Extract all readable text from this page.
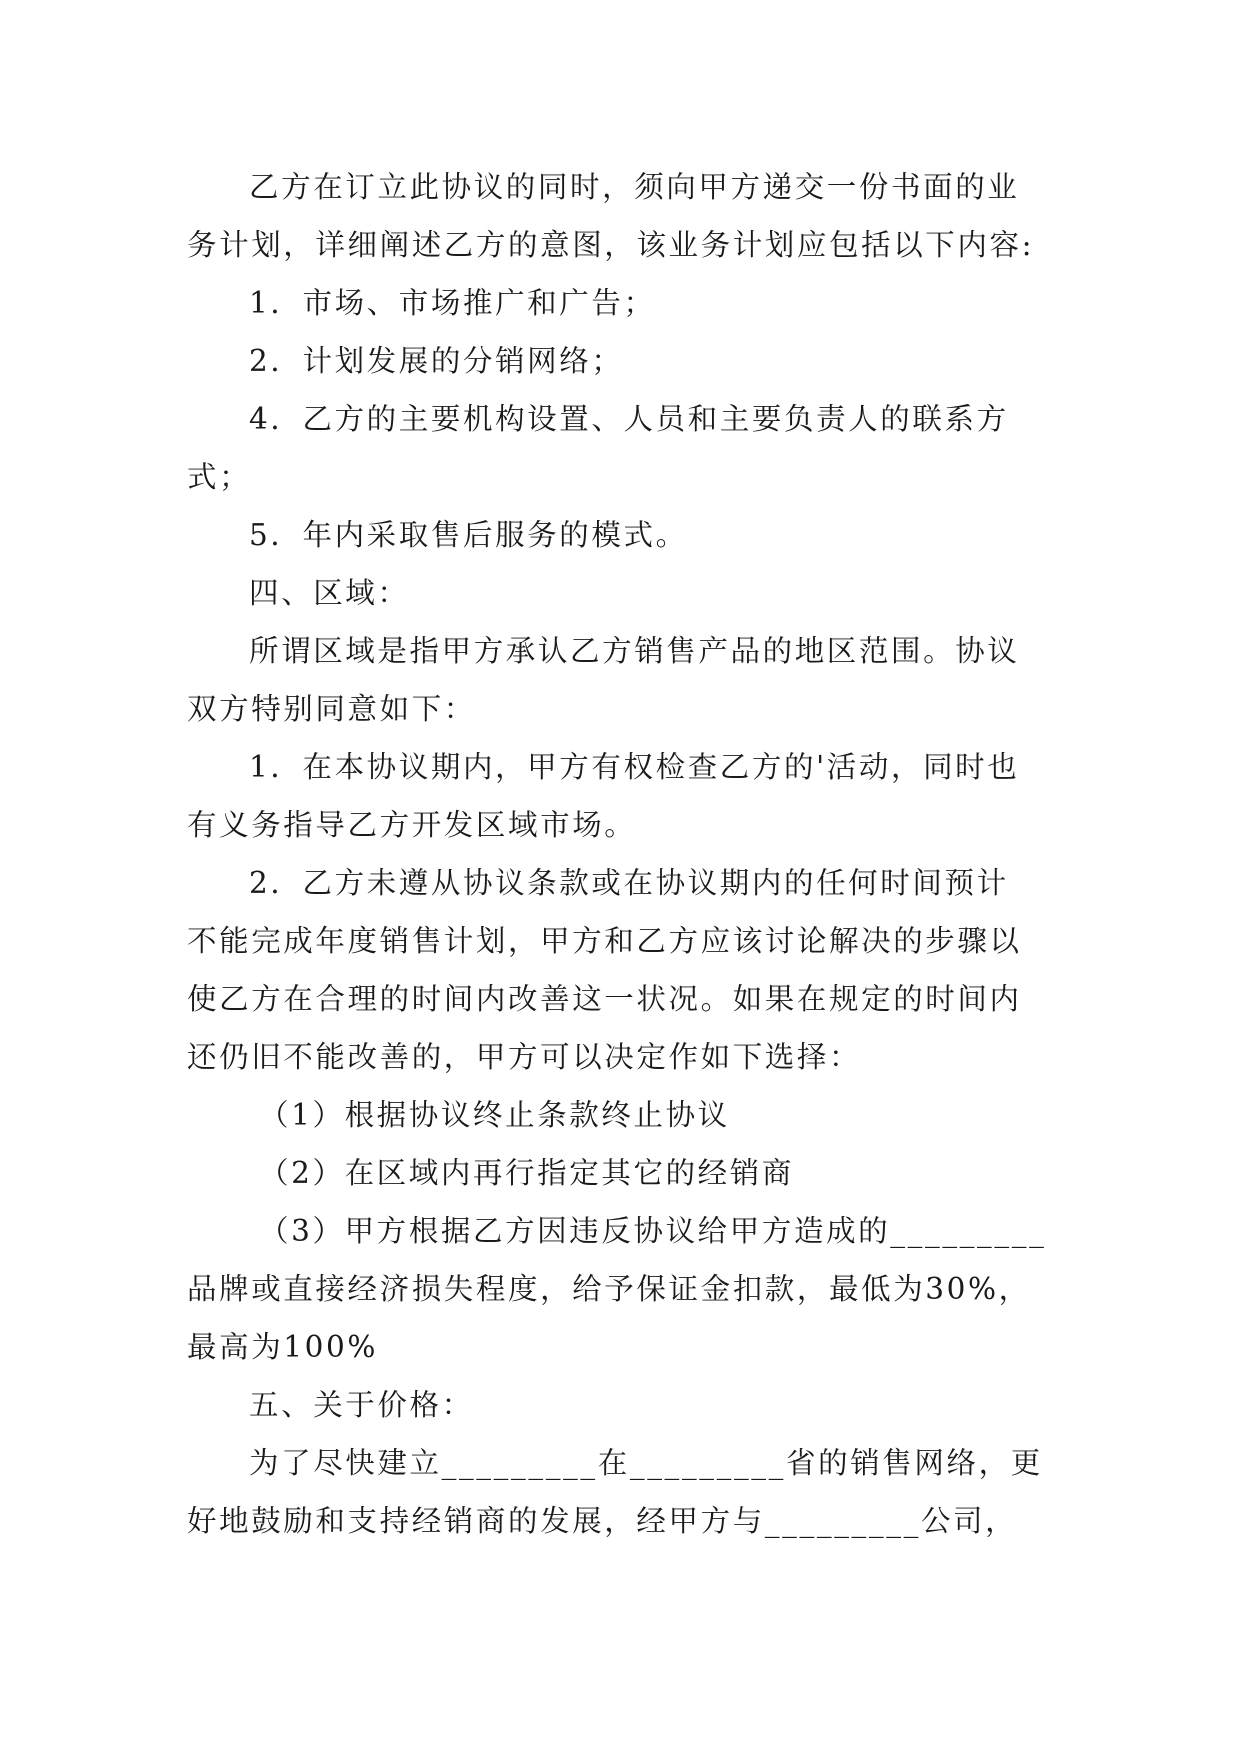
乙方在订立此协议的同时，须向甲方递交一份书面的业
务计划，详细阐述乙方的意图，该业务计划应包括以下内容:
1．市场、市场推广和广告；
2．计划发展的分销网络；
4．乙方的主要机构设置、人员和主要负责人的联系方
式；
5．年内采取售后服务的模式。
四、区域：
所谓区域是指甲方承认乙方销售产品的地区范围。协议
双方特别同意如下：
1．在本协议期内，甲方有权检查乙方的'活动，同时也
有义务指导乙方开发区域市场。
2．乙方未遵从协议条款或在协议期内的任何时间预计
不能完成年度销售计划，甲方和乙方应该讨论解决的步骤以
使乙方在合理的时间内改善这一状况。如果在规定的时间内
还仍旧不能改善的，甲方可以决定作如下选择：
（1）根据协议终止条款终止协议
（2）在区域内再行指定其它的经销商
（3）甲方根据乙方因违反协议给甲方造成的_________
品牌或直接经济损失程度，给予保证金扣款，最低为30%，
最高为100%
五、关于价格：
为了尽快建立_________在_________省的销售网络，更
好地鼓励和支持经销商的发展，经甲方与_________公司，
